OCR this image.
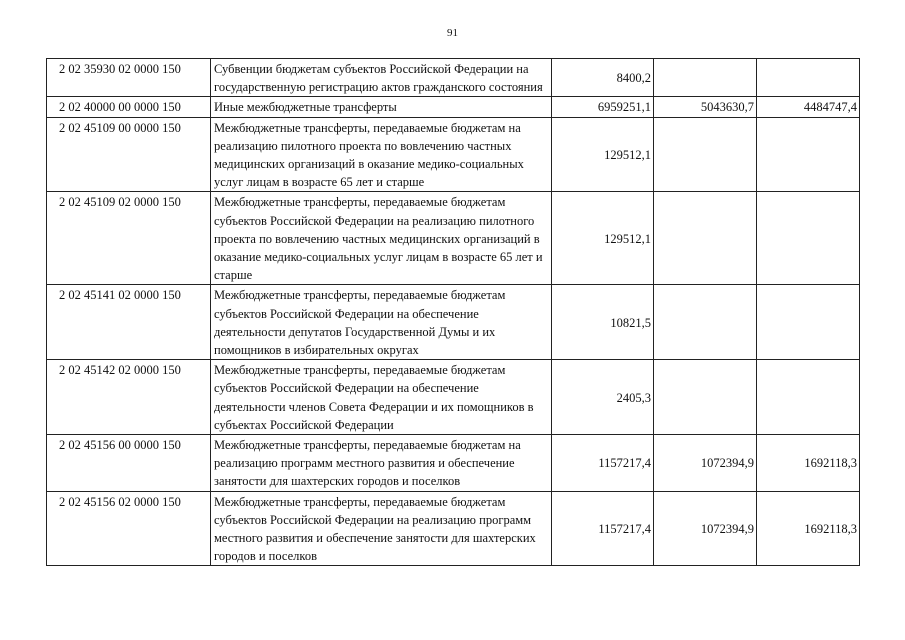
91
2 02 35930 02 0000 150	Субвенции бюджетам субъектов Российской Федерации на государственную регистрацию актов гражданского состояния	8400,2		
2 02 40000 00 0000 150	Иные межбюджетные трансферты	6959251,1	5043630,7	4484747,4
2 02 45109 00 0000 150	Межбюджетные трансферты, передаваемые бюджетам на реализацию пилотного проекта по вовлечению частных медицинских организаций в оказание медико-социальных услуг лицам в возрасте 65 лет и старше	129512,1		
2 02 45109 02 0000 150	Межбюджетные трансферты, передаваемые бюджетам субъектов Российской Федерации на реализацию пилотного проекта по вовлечению частных медицинских организаций в оказание медико-социальных услуг лицам в возрасте 65 лет и старше	129512,1		
2 02 45141 02 0000 150	Межбюджетные трансферты, передаваемые бюджетам субъектов Российской Федерации на обеспечение деятельности депутатов Государственной Думы и их помощников в избирательных округах	10821,5		
2 02 45142 02 0000 150	Межбюджетные трансферты, передаваемые бюджетам субъектов Российской Федерации на обеспечение деятельности членов Совета Федерации и их помощников в субъектах Российской Федерации	2405,3		
2 02 45156 00 0000 150	Межбюджетные трансферты, передаваемые бюджетам на реализацию программ местного развития и обеспечение занятости для шахтерских городов и поселков	1157217,4	1072394,9	1692118,3
2 02 45156 02 0000 150	Межбюджетные трансферты, передаваемые бюджетам субъектов Российской Федерации на реализацию программ местного развития и обеспечение занятости для шахтерских городов и поселков	1157217,4	1072394,9	1692118,3
